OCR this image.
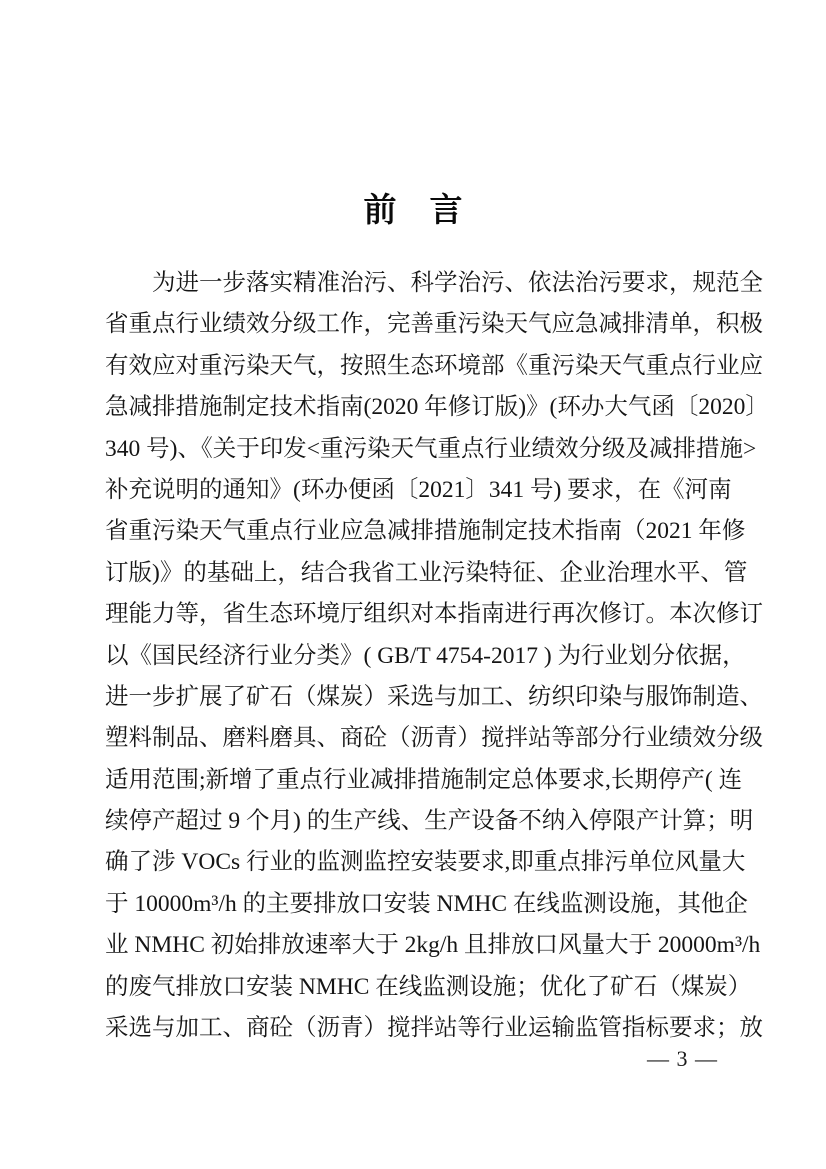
前　言
　　为进一步落实精准治污、科学治污、依法治污要求，规范全
省重点行业绩效分级工作，完善重污染天气应急减排清单，积极
有效应对重污染天气，按照生态环境部《重污染天气重点行业应
急减排措施制定技术指南(2020 年修订版)》(环办大气函〔2020〕
340 号)、《关于印发<重污染天气重点行业绩效分级及减排措施>
补充说明的通知》(环办便函〔2021〕341 号) 要求，在《河南
省重污染天气重点行业应急减排措施制定技术指南（2021 年修
订版)》的基础上，结合我省工业污染特征、企业治理水平、管
理能力等，省生态环境厅组织对本指南进行再次修订。本次修订
以《国民经济行业分类》( GB/T 4754-2017 ) 为行业划分依据，
进一步扩展了矿石（煤炭）采选与加工、纺织印染与服饰制造、
塑料制品、磨料磨具、商砼（沥青）搅拌站等部分行业绩效分级
适用范围;新增了重点行业减排措施制定总体要求,长期停产( 连
续停产超过 9 个月) 的生产线、生产设备不纳入停限产计算；明
确了涉 VOCs 行业的监测监控安装要求,即重点排污单位风量大
于 10000m³/h 的主要排放口安装 NMHC 在线监测设施，其他企
业 NMHC 初始排放速率大于 2kg/h 且排放口风量大于 20000m³/h
的废气排放口安装 NMHC 在线监测设施；优化了矿石（煤炭）
采选与加工、商砼（沥青）搅拌站等行业运输监管指标要求；放
— 3 —
